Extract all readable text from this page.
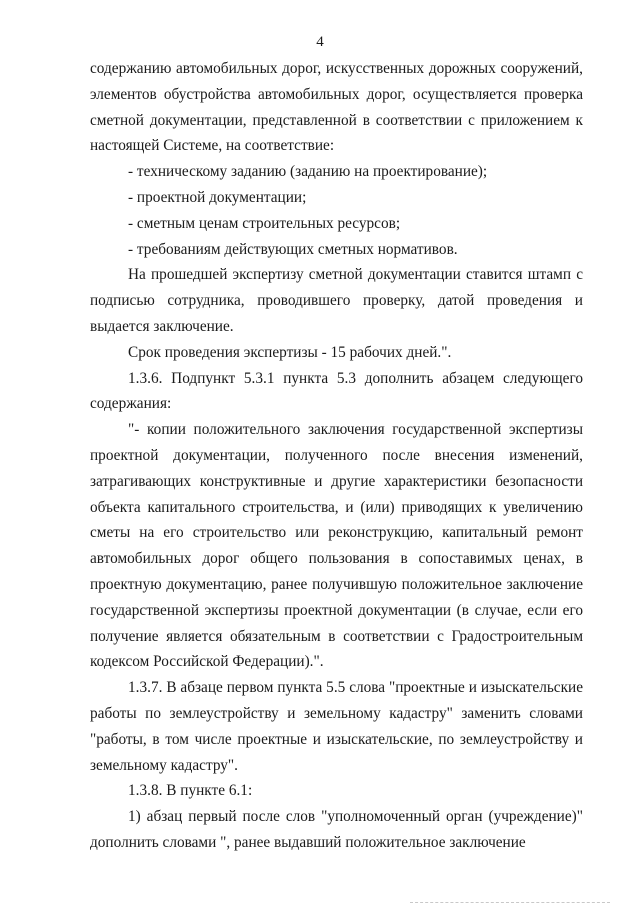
4

содержанию автомобильных дорог, искусственных дорожных сооружений, элементов обустройства автомобильных дорог, осуществляется проверка сметной документации, представленной в соответствии с приложением к настоящей Системе, на соответствие:

- техническому заданию (заданию на проектирование);

- проектной документации;

- сметным ценам строительных ресурсов;

- требованиям действующих сметных нормативов.

На прошедшей экспертизу сметной документации ставится штамп с подписью сотрудника, проводившего проверку, датой проведения и выдается заключение.

Срок проведения экспертизы - 15 рабочих дней.".

1.3.6. Подпункт 5.3.1 пункта 5.3 дополнить абзацем следующего содержания:

"- копии положительного заключения государственной экспертизы проектной документации, полученного после внесения изменений, затрагивающих конструктивные и другие характеристики безопасности объекта капитального строительства, и (или) приводящих к увеличению сметы на его строительство или реконструкцию, капитальный ремонт автомобильных дорог общего пользования в сопоставимых ценах, в проектную документацию, ранее получившую положительное заключение государственной экспертизы проектной документации (в случае, если его получение является обязательным в соответствии с Градостроительным кодексом Российской Федерации).".

1.3.7. В абзаце первом пункта 5.5 слова "проектные и изыскательские работы по землеустройству и земельному кадастру" заменить словами "работы, в том числе проектные и изыскательские, по землеустройству и земельному кадастру".

1.3.8. В пункте 6.1:

1) абзац первый после слов "уполномоченный орган (учреждение)" дополнить словами ", ранее выдавший положительное заключение
